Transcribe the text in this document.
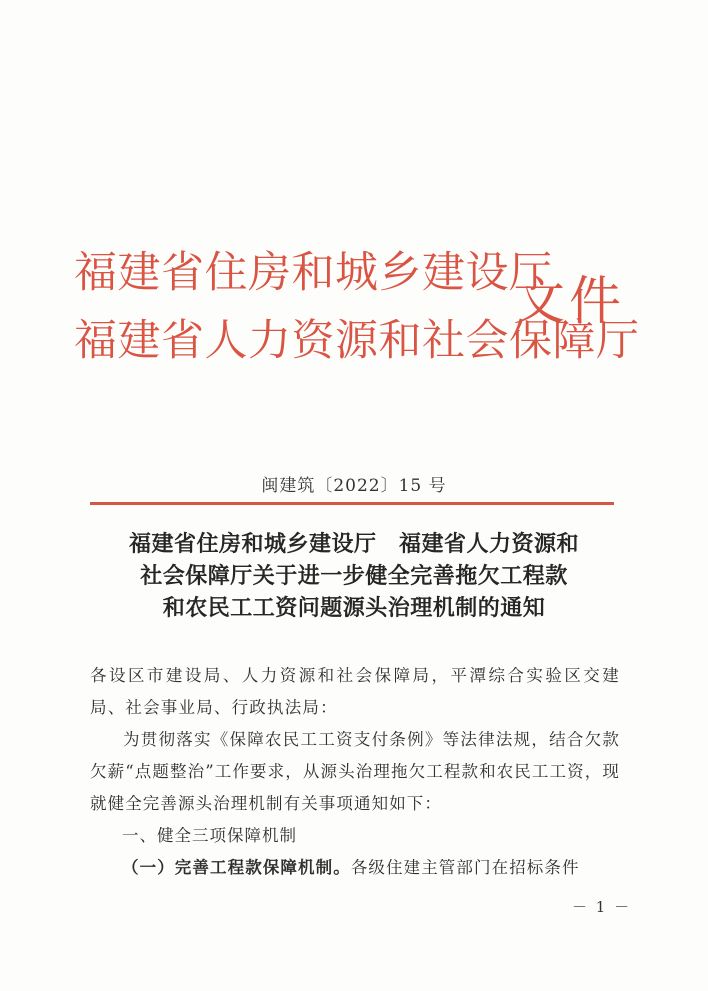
福建省住房和城乡建设厅
福建省人力资源和社会保障厅
文件
闽建筑〔2022〕15 号
福建省住房和城乡建设厅　福建省人力资源和
社会保障厅关于进一步健全完善拖欠工程款
和农民工工资问题源头治理机制的通知

各设区市建设局、人力资源和社会保障局，平潭综合实验区交建局、社会事业局、行政执法局：

为贯彻落实《保障农民工工资支付条例》等法律法规，结合欠款欠薪“点题整治”工作要求，从源头治理拖欠工程款和农民工工资，现就健全完善源头治理机制有关事项通知如下：

一、健全三项保障机制

（一）完善工程款保障机制。各级住建主管部门在招标条件

－ 1 －
